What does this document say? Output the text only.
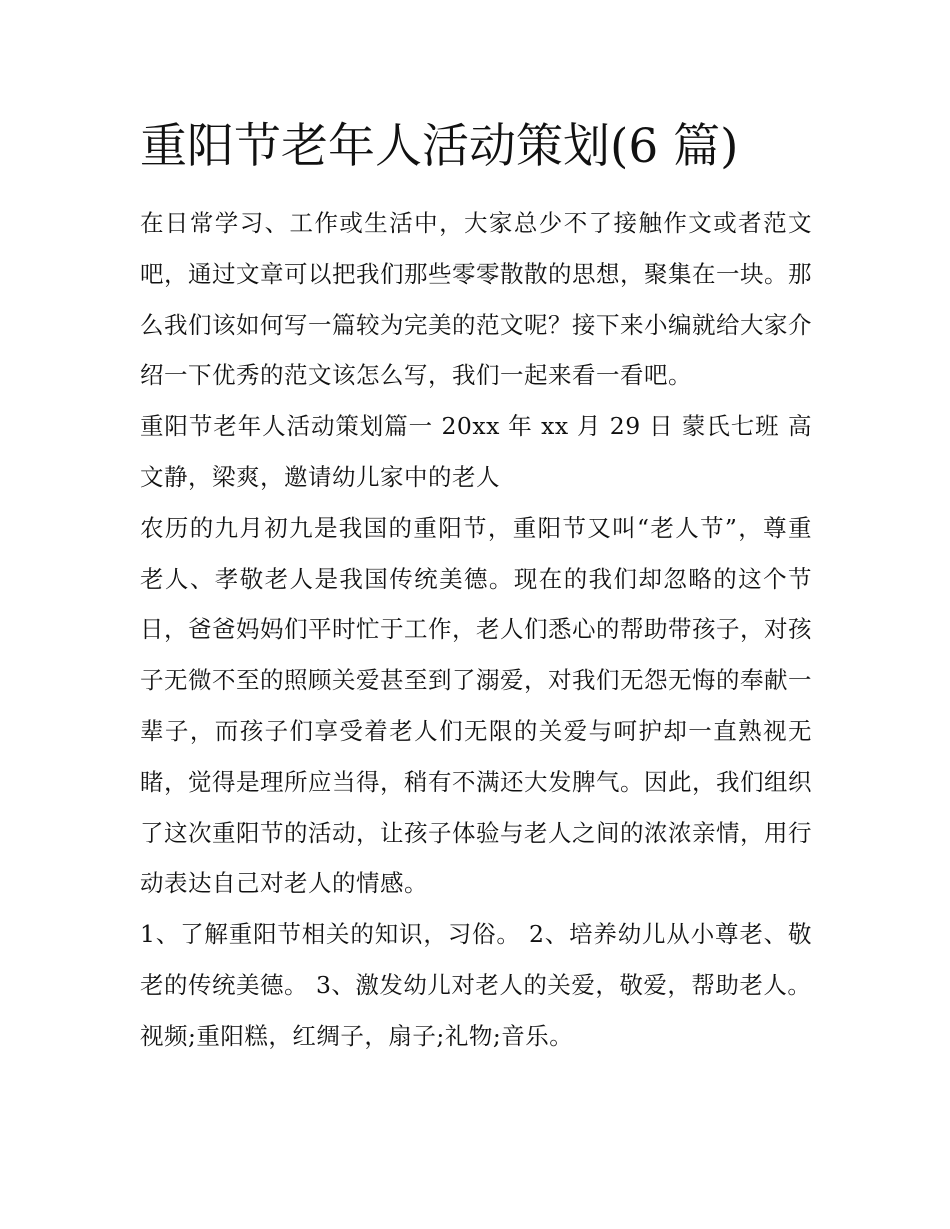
重阳节老年人活动策划(6 篇)

在日常学习、工作或生活中，大家总少不了接触作文或者范文吧，通过文章可以把我们那些零零散散的思想，聚集在一块。那么我们该如何写一篇较为完美的范文呢？接下来小编就给大家介绍一下优秀的范文该怎么写，我们一起来看一看吧。

重阳节老年人活动策划篇一 20xx 年 xx 月 29 日 蒙氏七班 高文静，梁爽，邀请幼儿家中的老人

农历的九月初九是我国的重阳节，重阳节又叫“老人节”，尊重老人、孝敬老人是我国传统美德。现在的我们却忽略的这个节日，爸爸妈妈们平时忙于工作，老人们悉心的帮助带孩子，对孩子无微不至的照顾关爱甚至到了溺爱，对我们无怨无悔的奉献一辈子，而孩子们享受着老人们无限的关爱与呵护却一直熟视无睹，觉得是理所应当得，稍有不满还大发脾气。因此，我们组织了这次重阳节的活动，让孩子体验与老人之间的浓浓亲情，用行动表达自己对老人的情感。

1、了解重阳节相关的知识，习俗。 2、培养幼儿从小尊老、敬老的传统美德。 3、激发幼儿对老人的关爱，敬爱，帮助老人。

视频;重阳糕，红绸子，扇子;礼物;音乐。
